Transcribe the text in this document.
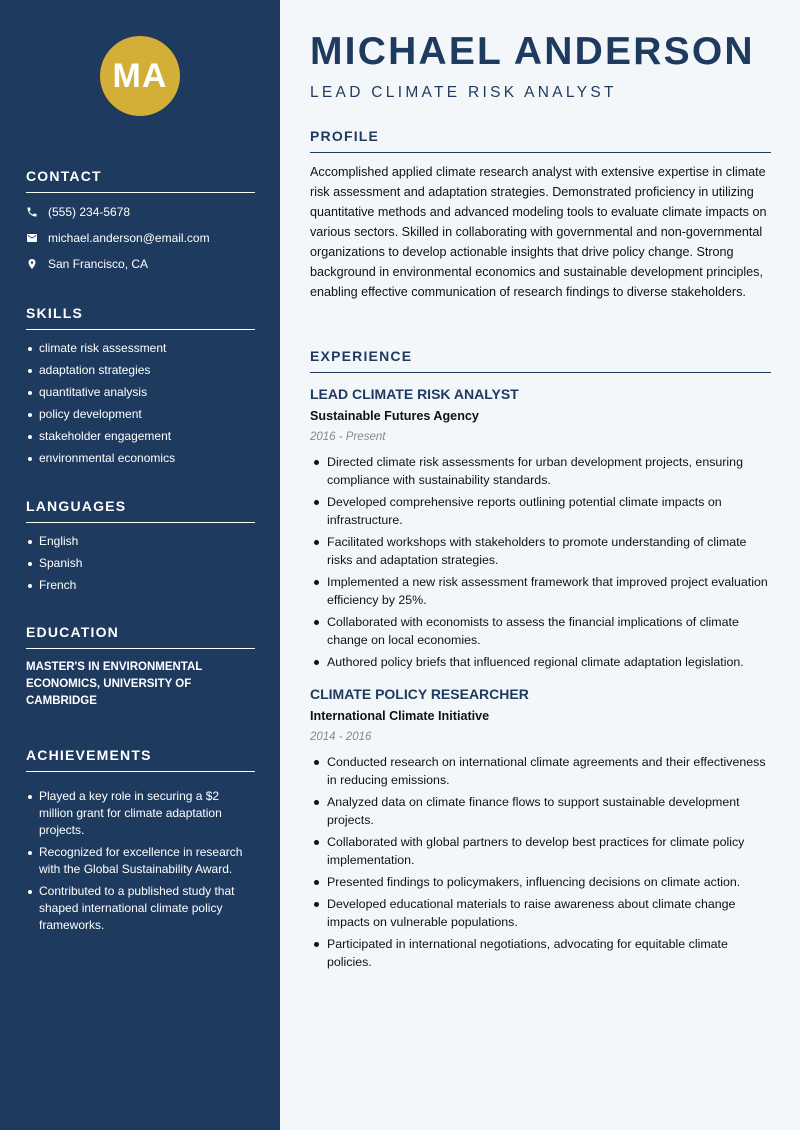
MA
CONTACT
(555) 234-5678
michael.anderson@email.com
San Francisco, CA
SKILLS
climate risk assessment
adaptation strategies
quantitative analysis
policy development
stakeholder engagement
environmental economics
LANGUAGES
English
Spanish
French
EDUCATION
MASTER'S IN ENVIRONMENTAL ECONOMICS, UNIVERSITY OF CAMBRIDGE
ACHIEVEMENTS
Played a key role in securing a $2 million grant for climate adaptation projects.
Recognized for excellence in research with the Global Sustainability Award.
Contributed to a published study that shaped international climate policy frameworks.
MICHAEL ANDERSON
LEAD CLIMATE RISK ANALYST
PROFILE

Accomplished applied climate research analyst with extensive expertise in climate risk assessment and adaptation strategies. Demonstrated proficiency in utilizing quantitative methods and advanced modeling tools to evaluate climate impacts on various sectors. Skilled in collaborating with governmental and non-governmental organizations to develop actionable insights that drive policy change. Strong background in environmental economics and sustainable development principles, enabling effective communication of research findings to diverse stakeholders.

EXPERIENCE
LEAD CLIMATE RISK ANALYST
Sustainable Futures Agency
2016 - Present
Directed climate risk assessments for urban development projects, ensuring compliance with sustainability standards.
Developed comprehensive reports outlining potential climate impacts on infrastructure.
Facilitated workshops with stakeholders to promote understanding of climate risks and adaptation strategies.
Implemented a new risk assessment framework that improved project evaluation efficiency by 25%.
Collaborated with economists to assess the financial implications of climate change on local economies.
Authored policy briefs that influenced regional climate adaptation legislation.
CLIMATE POLICY RESEARCHER
International Climate Initiative
2014 - 2016
Conducted research on international climate agreements and their effectiveness in reducing emissions.
Analyzed data on climate finance flows to support sustainable development projects.
Collaborated with global partners to develop best practices for climate policy implementation.
Presented findings to policymakers, influencing decisions on climate action.
Developed educational materials to raise awareness about climate change impacts on vulnerable populations.
Participated in international negotiations, advocating for equitable climate policies.
